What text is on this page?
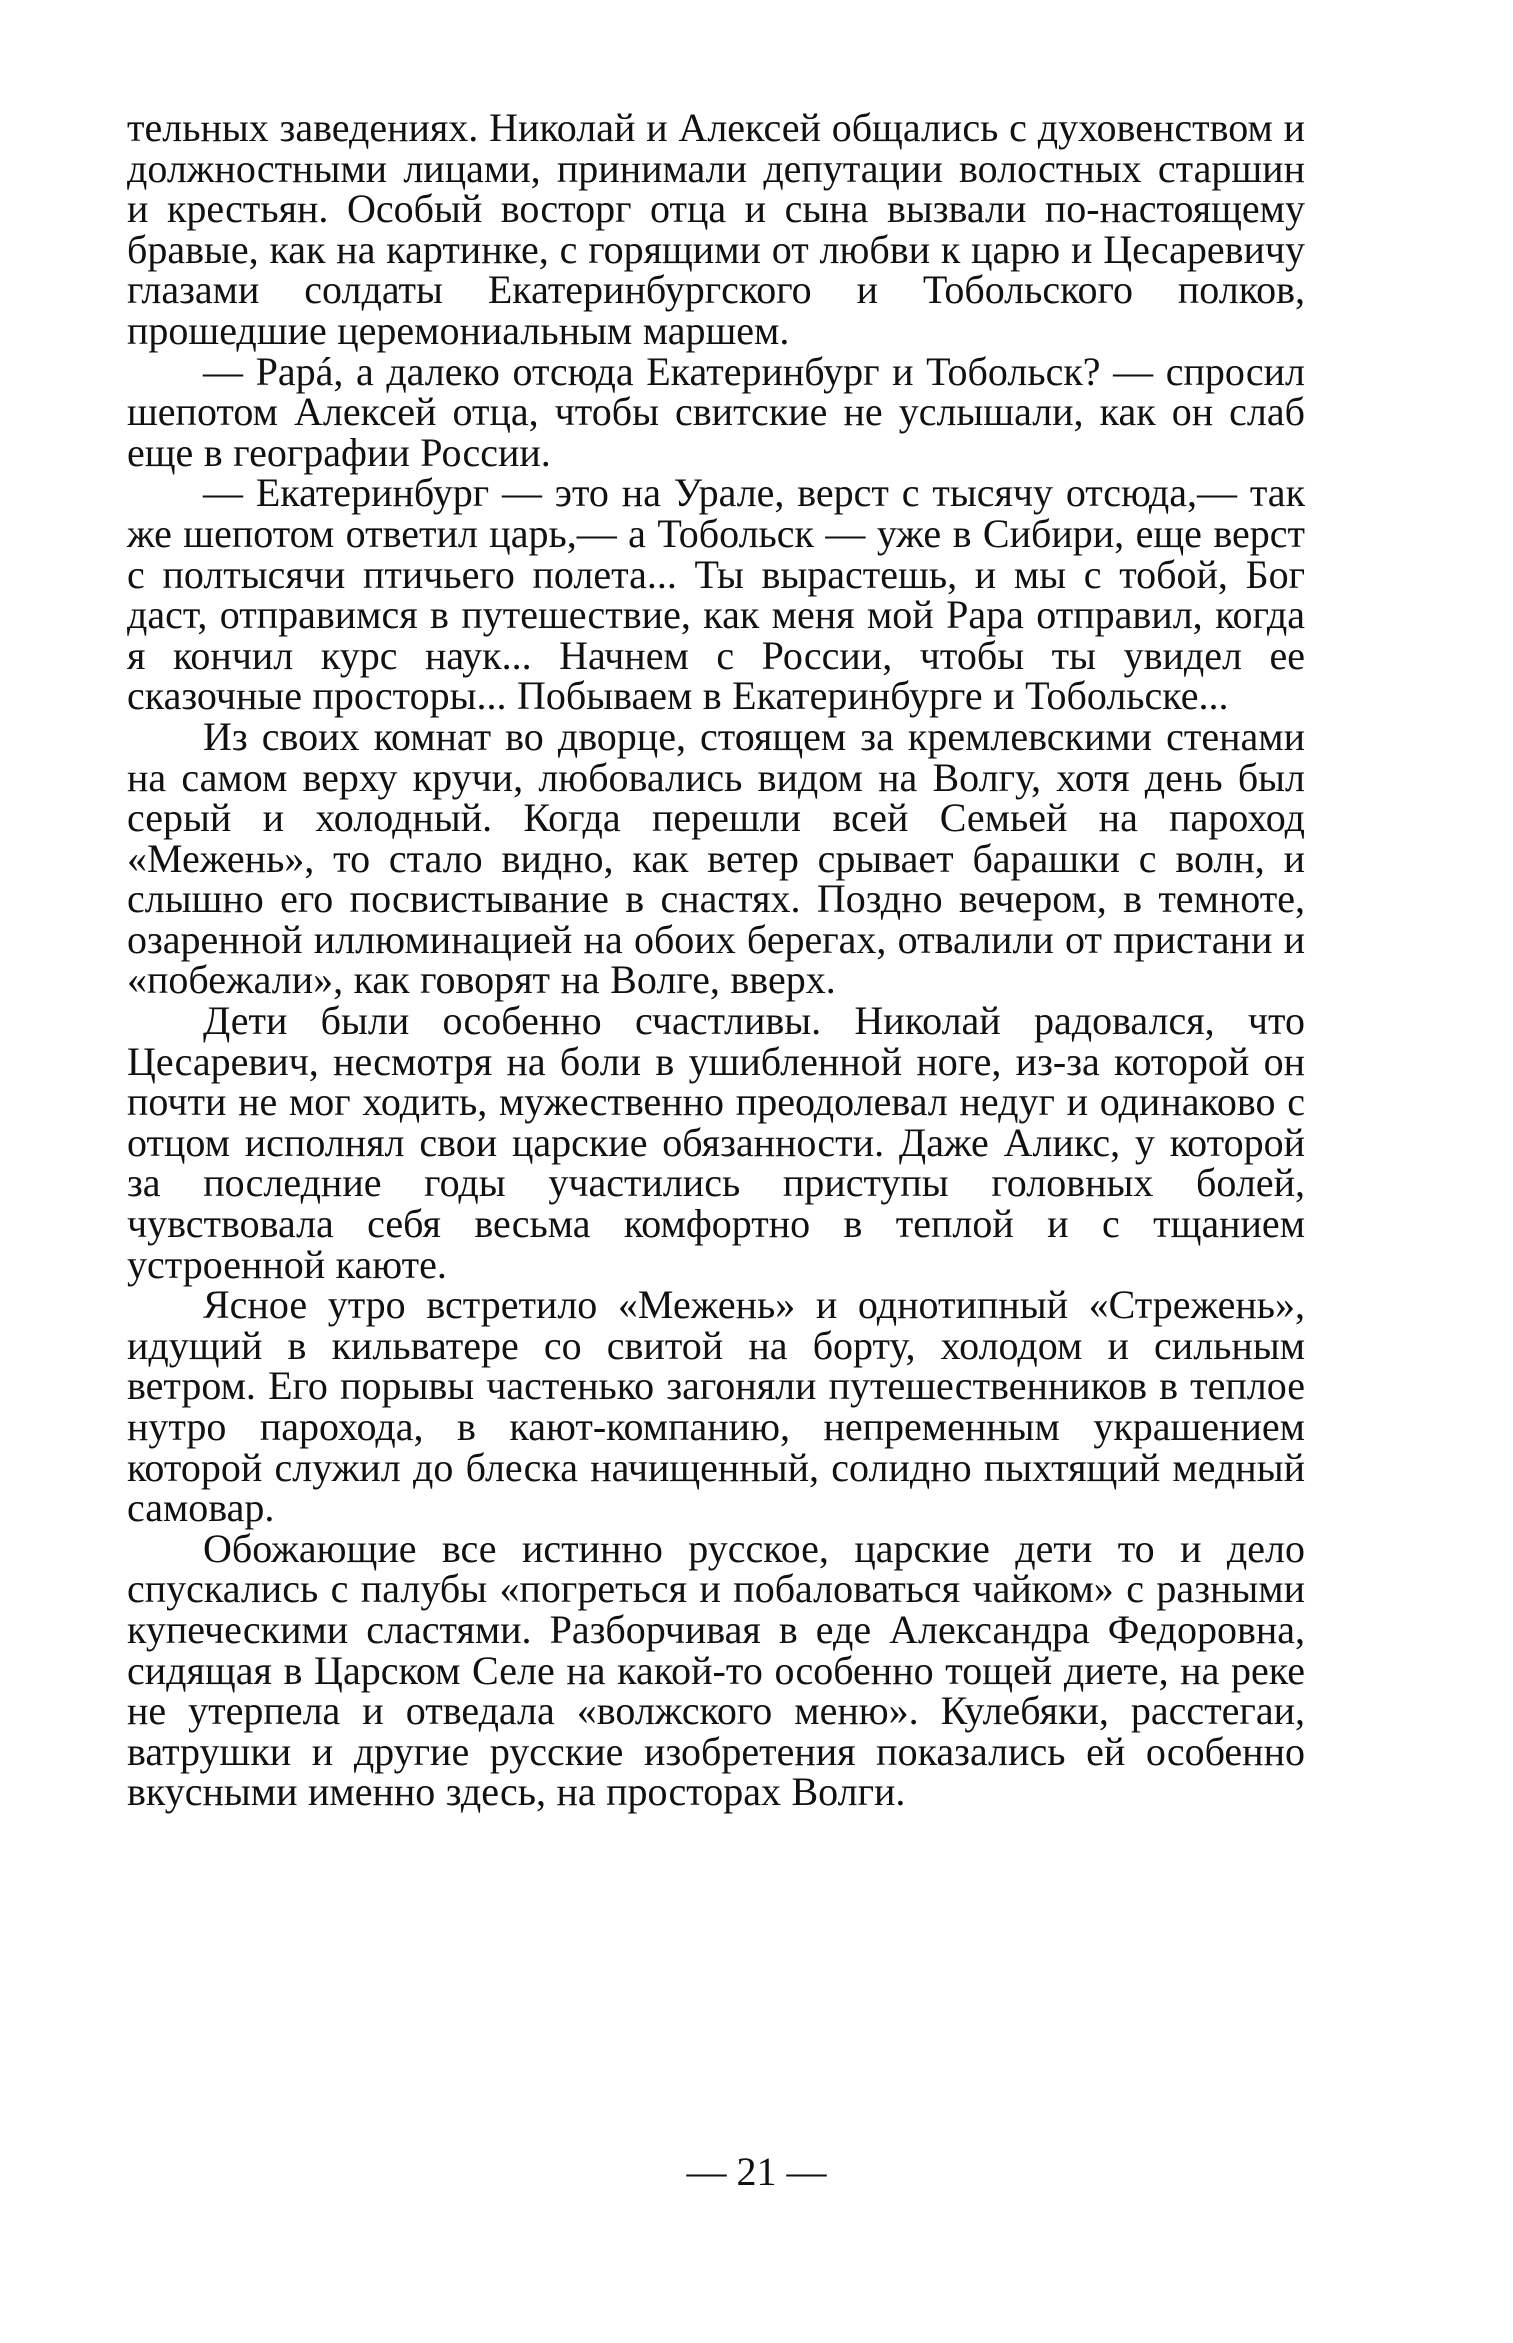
тельных заведениях. Николай и Алексей общались с духовенством и должностными лицами, принимали депутации волостных старшин и крестьян. Особый восторг отца и сына вызвали по-настоящему бравые, как на картинке, с горящими от любви к царю и Цесаревичу глазами солдаты Екатеринбургского и Тобольского полков, прошедшие церемониальным маршем.

— Papá, а далеко отсюда Екатеринбург и Тобольск? — спросил шепотом Алексей отца, чтобы свитские не услышали, как он слаб еще в географии России.

— Екатеринбург — это на Урале, верст с тысячу отсюда,— так же шепотом ответил царь,— а Тобольск — уже в Сибири, еще верст с полтысячи птичьего полета... Ты вырастешь, и мы с тобой, Бог даст, отправимся в путешествие, как меня мой Papa отправил, когда я кончил курс наук... Начнем с России, чтобы ты увидел ее сказочные просторы... Побываем в Екатеринбурге и Тобольске...

Из своих комнат во дворце, стоящем за кремлевскими стенами на самом верху кручи, любовались видом на Волгу, хотя день был серый и холодный. Когда перешли всей Семьей на пароход «Межень», то стало видно, как ветер срывает барашки с волн, и слышно его посвистывание в снастях. Поздно вечером, в темноте, озаренной иллюминацией на обоих берегах, отвалили от пристани и «побежали», как говорят на Волге, вверх.

Дети были особенно счастливы. Николай радовался, что Цесаревич, несмотря на боли в ушибленной ноге, из-за которой он почти не мог ходить, мужественно преодолевал недуг и одинаково с отцом исполнял свои царские обязанности. Даже Аликс, у которой за последние годы участились приступы головных болей, чувствовала себя весьма комфортно в теплой и с тщанием устроенной каюте.

Ясное утро встретило «Межень» и однотипный «Стрежень», идущий в кильватере со свитой на борту, холодом и сильным ветром. Его порывы частенько загоняли путешественников в теплое нутро парохода, в кают-компанию, непременным украшением которой служил до блеска начищенный, солидно пыхтящий медный самовар.

Обожающие все истинно русское, царские дети то и дело спускались с палубы «погреться и побаловаться чайком» с разными купеческими сластями. Разборчивая в еде Александра Федоровна, сидящая в Царском Селе на какой-то особенно тощей диете, на реке не утерпела и отведала «волжского меню». Кулебяки, расстегаи, ватрушки и другие русские изобретения показались ей особенно вкусными именно здесь, на просторах Волги.

— 21 —
